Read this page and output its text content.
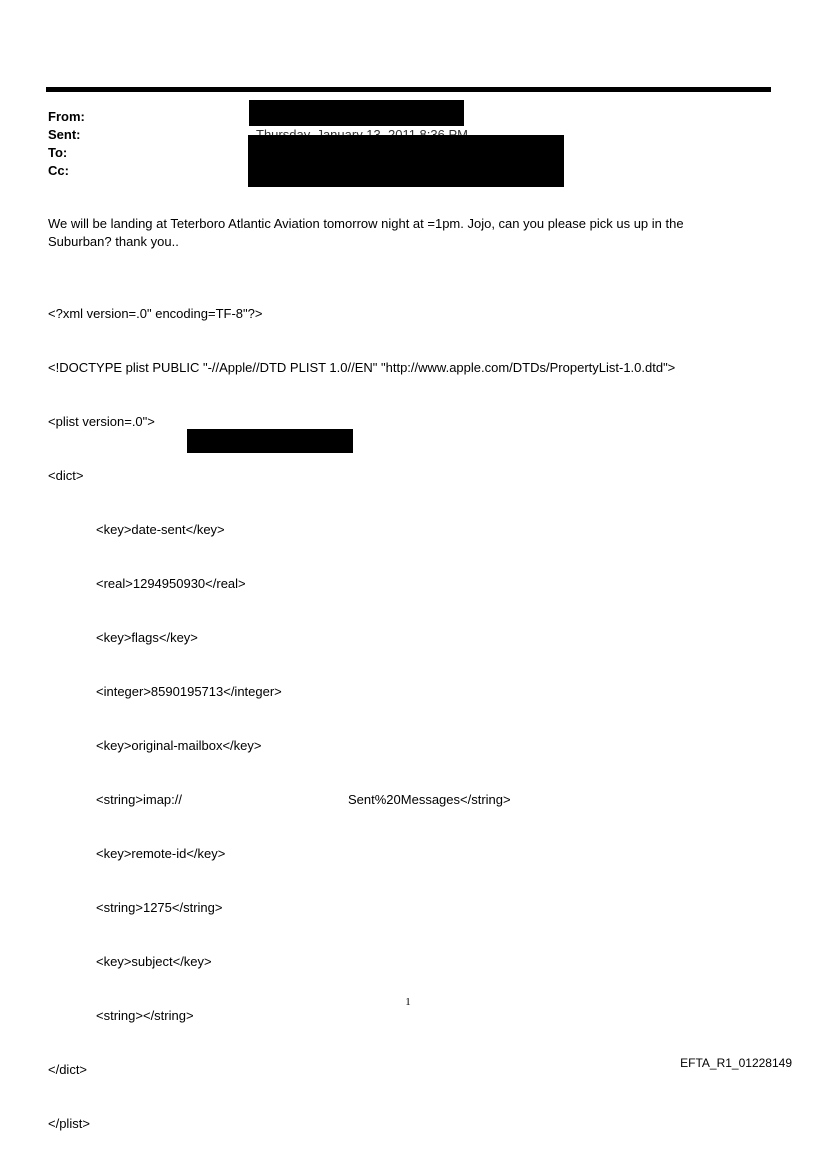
From:
Sent:
To:
Cc:
We will be landing at Teterboro Atlantic Aviation tomorrow night at =1pm. Jojo, can you please pick us up in the Suburban? thank you..

<?xml version=.0" encoding=TF-8"?>

<!DOCTYPE plist PUBLIC "-//Apple//DTD PLIST 1.0//EN" "http://www.apple.com/DTDs/PropertyList-1.0.dtd">

<plist version=.0">

<dict>

<key>date-sent</key>

<real>1294950930</real>

<key>flags</key>

<integer>8590195713</integer>

<key>original-mailbox</key>

<string>imap://	Sent%20Messages</string>

<key>remote-id</key>

<string>1275</string>

<key>subject</key>

<string></string>

</dict>

</plist>

1
EFTA_R1_01228149
